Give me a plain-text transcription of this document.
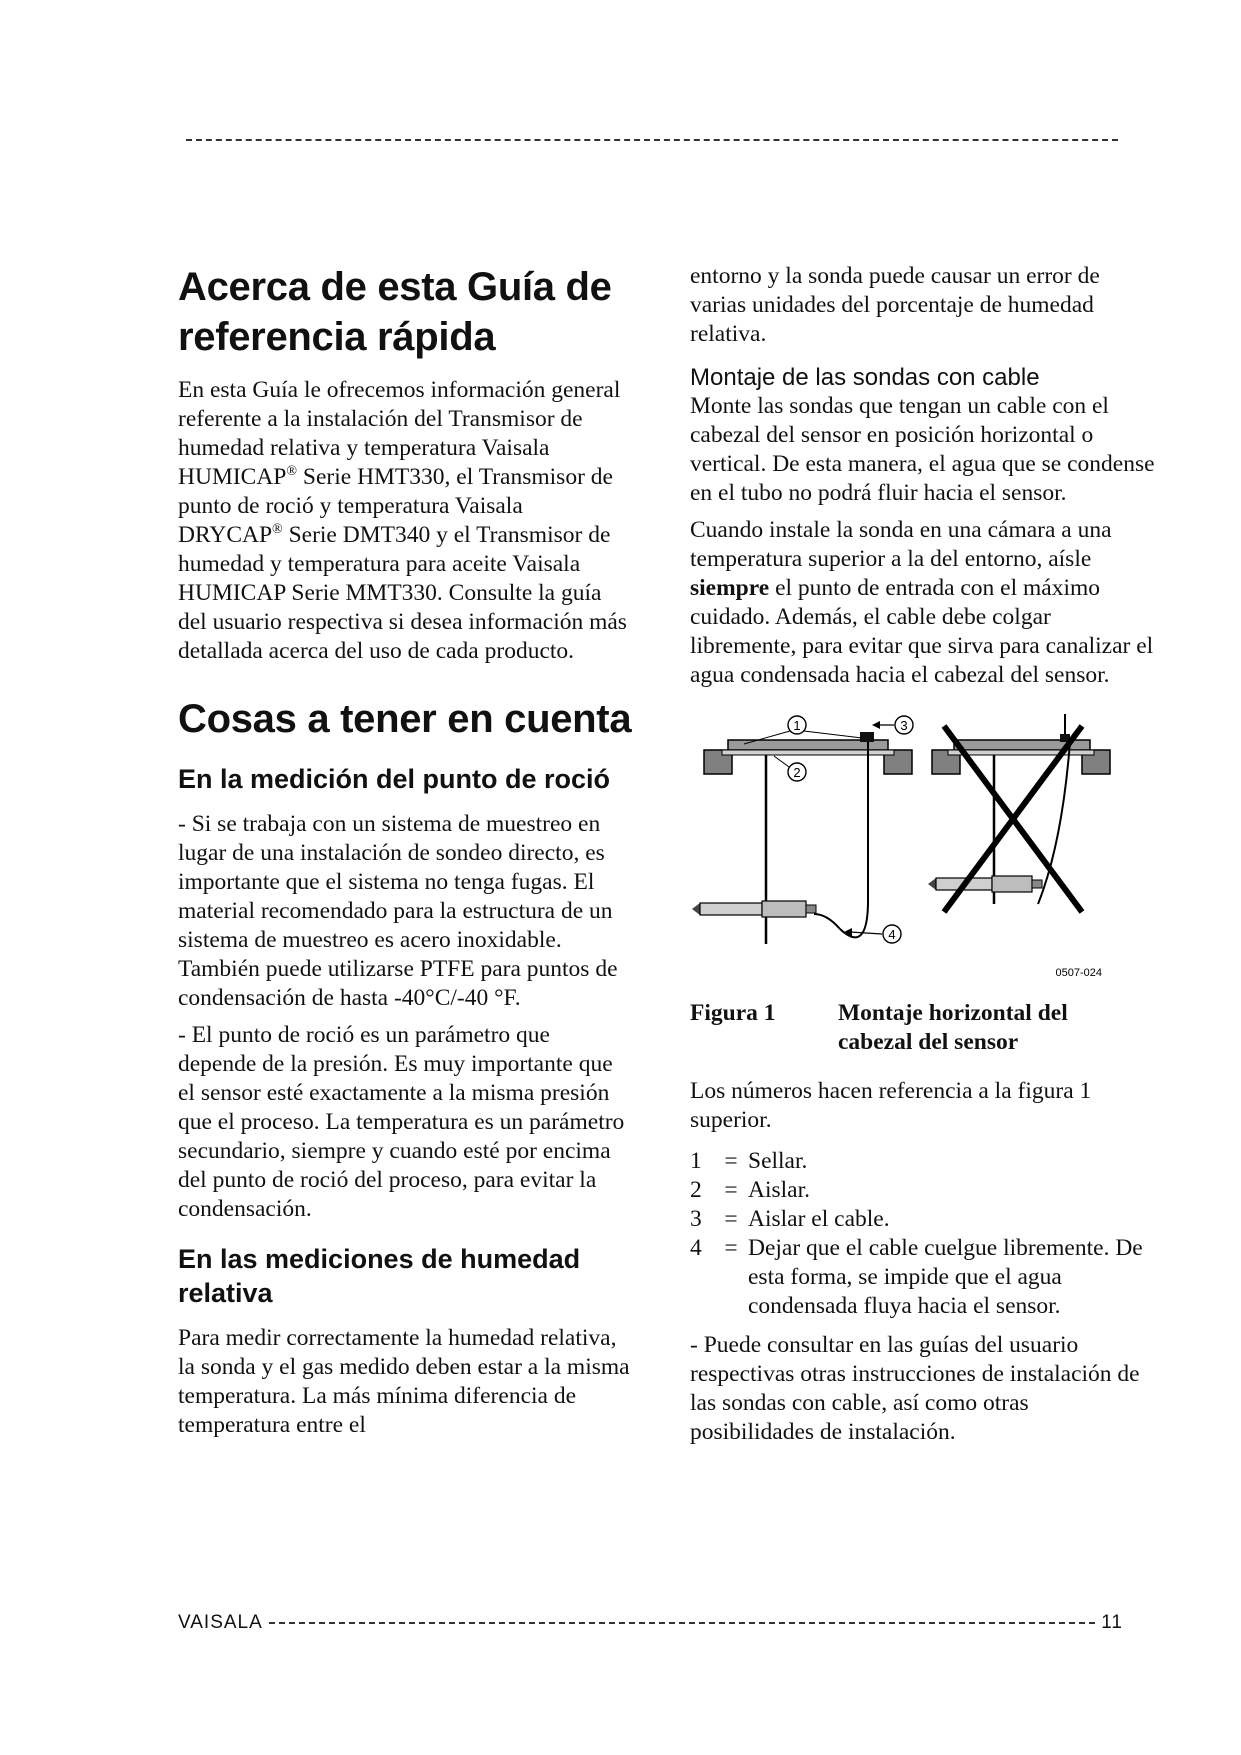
Acerca de esta Guía de referencia rápida

En esta Guía le ofrecemos información general referente a la instalación del Transmisor de humedad relativa y temperatura Vaisala HUMICAP® Serie HMT330, el Transmisor de punto de roció y temperatura Vaisala DRYCAP® Serie DMT340 y el Transmisor de humedad y temperatura para aceite Vaisala HUMICAP Serie MMT330. Consulte la guía del usuario respectiva si desea información más detallada acerca del uso de cada producto.

Cosas a tener en cuenta
En la medición del punto de roció

- Si se trabaja con un sistema de muestreo en lugar de una instalación de sondeo directo, es importante que el sistema no tenga fugas. El material recomendado para la estructura de un sistema de muestreo es acero inoxidable. También puede utilizarse PTFE para puntos de condensación de hasta -40°C/-40 °F.

- El punto de roció es un parámetro que depende de la presión. Es muy importante que el sensor esté exactamente a la misma presión que el proceso. La temperatura es un parámetro secundario, siempre y cuando esté por encima del punto de roció del proceso, para evitar la condensación.

En las mediciones de humedad relativa

Para medir correctamente la humedad relativa, la sonda y el gas medido deben estar a la misma temperatura. La más mínima diferencia de temperatura entre el

entorno y la sonda puede causar un error de varias unidades del porcentaje de humedad relativa.

Montaje de las sondas con cable

Monte las sondas que tengan un cable con el cabezal del sensor en posición horizontal o vertical. De esta manera, el agua que se condense en el tubo no podrá fluir hacia el sensor.

Cuando instale la sonda en una cámara a una temperatura superior a la del entorno, aísle siempre el punto de entrada con el máximo cuidado. Además, el cable debe colgar libremente, para evitar que sirva para canalizar el agua condensada hacia el cabezal del sensor.

1
2
3
4
0507-024
Figura 1	Montaje horizontal del cabezal del sensor

Los números hacen referencia a la figura 1 superior.

1 = Sellar.
2 = Aislar.
3 = Aislar el cable.
4 = Dejar que el cable cuelgue libremente. De esta forma, se impide que el agua condensada fluya hacia el sensor.

- Puede consultar en las guías del usuario respectivas otras instrucciones de instalación de las sondas con cable, así como otras posibilidades de instalación.

VAISALA	11
